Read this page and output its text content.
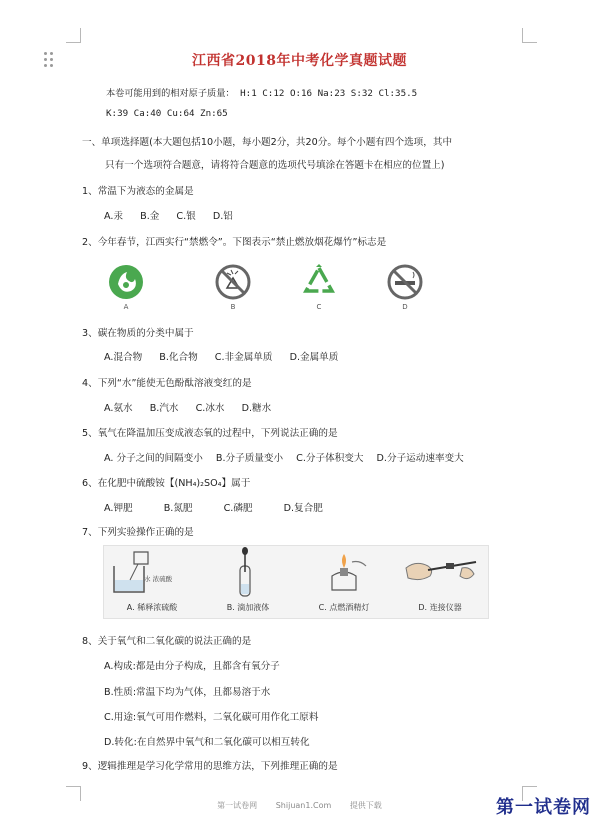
江西省2018年中考化学真题试题
本卷可能用到的相对原子质量： H:1 C:12 O:16 Na:23 S:32 Cl:35.5
K:39 Ca:40 Cu:64 Zn:65
一、单项选择题(本大题包括10小题，每小题2分，共20分。每个小题有四个选项，其中
只有一个选项符合题意，请将符合题意的选项代号填涂在答题卡在相应的位置上)
1、常温下为液态的金属是
A.汞 B.金 C.银 D.铝
2、今年春节，江西实行“禁燃令”。下图表示“禁止燃放烟花爆竹”标志是
A	B	C	D
3、碳在物质的分类中属于
A.混合物 B.化合物 C.非金属单质 D.金属单质
4、下列“水”能使无色酚酞溶液变红的是
A.氨水 B.汽水 C.冰水 D.糖水
5、氧气在降温加压变成液态氧的过程中，下列说法正确的是
A. 分子之间的间隔变小 B.分子质量变小 C.分子体积变大 D.分子运动速率变大
6、在化肥中硫酸铵【(NH₄)₂SO₄】属于
A.钾肥	B.氮肥	C.磷肥	D.复合肥
7、下列实验操作正确的是
水 浓硫酸
A. 稀释浓硫酸	B. 滴加液体	C. 点燃酒精灯	D. 连接仪器
8、关于氧气和二氧化碳的说法正确的是
A.构成:都是由分子构成，且都含有氧分子
B.性质:常温下均为气体，且都易溶于水
C.用途:氧气可用作燃料，二氧化碳可用作化工原料
D.转化:在自然界中氧气和二氧化碳可以相互转化
9、逻辑推理是学习化学常用的思维方法，下列推理正确的是
第一试卷网 Shijuan1.Com 提供下载	第一试卷网
